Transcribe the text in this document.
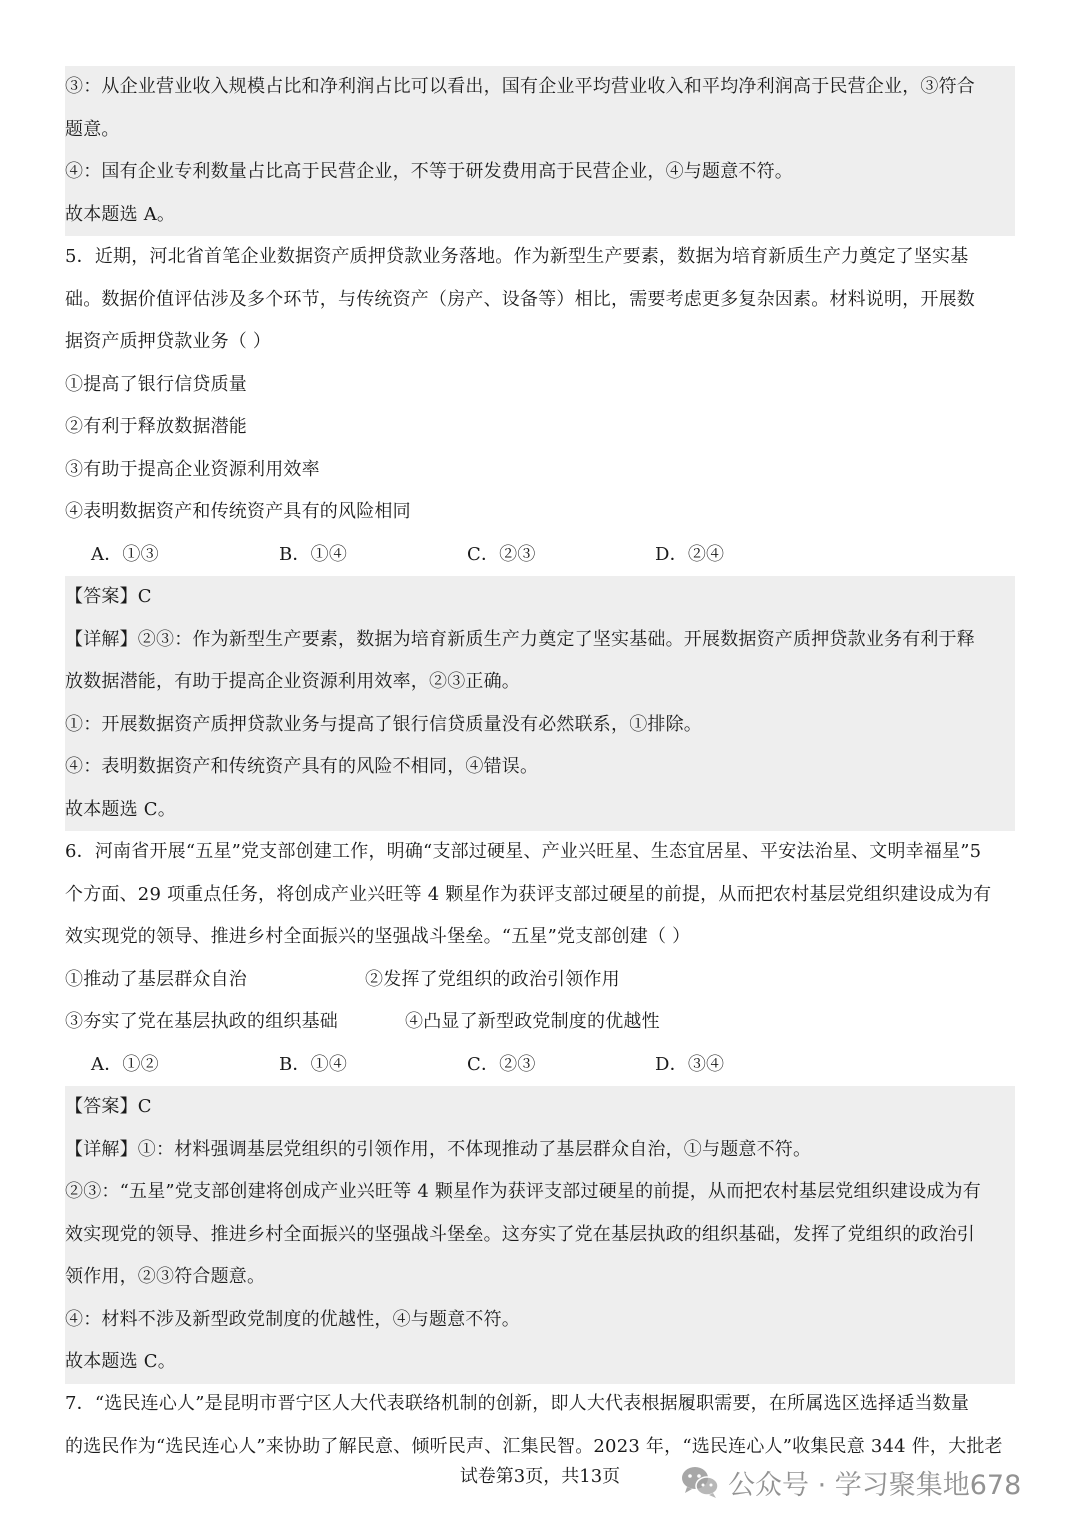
③：从企业营业收入规模占比和净利润占比可以看出，国有企业平均营业收入和平均净利润高于民营企业，③符合
题意。
④：国有企业专利数量占比高于民营企业，不等于研发费用高于民营企业，④与题意不符。
故本题选 A。
5．近期，河北省首笔企业数据资产质押贷款业务落地。作为新型生产要素，数据为培育新质生产力奠定了坚实基
础。数据价值评估涉及多个环节，与传统资产（房产、设备等）相比，需要考虑更多复杂因素。材料说明，开展数
据资产质押贷款业务（ ）
①提高了银行信贷质量
②有利于释放数据潜能
③有助于提高企业资源利用效率
④表明数据资产和传统资产具有的风险相同
A．①③	B．①④	C．②③	D．②④
【答案】C
【详解】②③：作为新型生产要素，数据为培育新质生产力奠定了坚实基础。开展数据资产质押贷款业务有利于释
放数据潜能，有助于提高企业资源利用效率，②③正确。
①：开展数据资产质押贷款业务与提高了银行信贷质量没有必然联系，①排除。
④：表明数据资产和传统资产具有的风险不相同，④错误。
故本题选 C。
6．河南省开展“五星”党支部创建工作，明确“支部过硬星、产业兴旺星、生态宜居星、平安法治星、文明幸福星”5
个方面、29 项重点任务，将创成产业兴旺等 4 颗星作为获评支部过硬星的前提，从而把农村基层党组织建设成为有
效实现党的领导、推进乡村全面振兴的坚强战斗堡垒。“五星”党支部创建（ ）
①推动了基层群众自治	②发挥了党组织的政治引领作用
③夯实了党在基层执政的组织基础	④凸显了新型政党制度的优越性
A．①②	B．①④	C．②③	D．③④
【答案】C
【详解】①：材料强调基层党组织的引领作用，不体现推动了基层群众自治，①与题意不符。
②③：“五星”党支部创建将创成产业兴旺等 4 颗星作为获评支部过硬星的前提，从而把农村基层党组织建设成为有
效实现党的领导、推进乡村全面振兴的坚强战斗堡垒。这夯实了党在基层执政的组织基础，发挥了党组织的政治引
领作用，②③符合题意。
④：材料不涉及新型政党制度的优越性，④与题意不符。
故本题选 C。
7．“选民连心人”是昆明市晋宁区人大代表联络机制的创新，即人大代表根据履职需要，在所属选区选择适当数量
的选民作为“选民连心人”来协助了解民意、倾听民声、汇集民智。2023 年，“选民连心人”收集民意 344 件，大批老
试卷第3页，共13页	公众号 · 学习聚集地678
